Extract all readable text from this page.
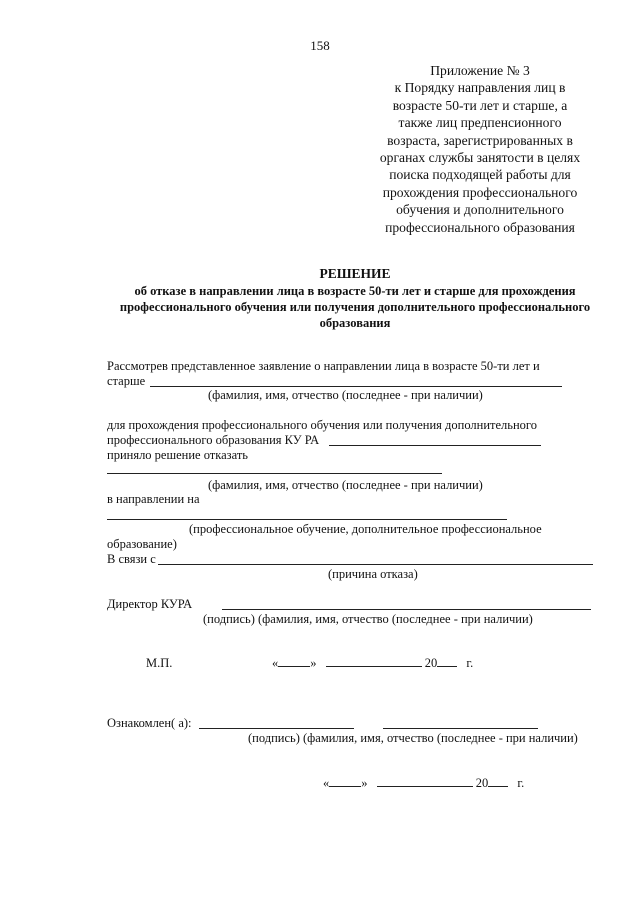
158
Приложение № 3
к Порядку направления лиц в
возрасте 50-ти лет и старше, а
также лиц предпенсионного
возраста, зарегистрированных в
органах службы занятости в целях
поиска подходящей работы для
прохождения профессионального
обучения и дополнительного
профессионального образования
РЕШЕНИЕ
об отказе в направлении лица в возрасте 50-ти лет и старше для прохождения
профессионального обучения или получения дополнительного профессионального
образования
Рассмотрев представленное заявление о направлении лица в возрасте 50-ти лет и
старше
(фамилия, имя, отчество (последнее - при наличии)
для прохождения профессионального обучения или получения дополнительного
профессионального образования КУ РА
приняло решение отказать
(фамилия, имя, отчество (последнее - при наличии)
в направлении на
(профессиональное обучение, дополнительное профессиональное
образование)
В связи с
(причина отказа)
Директор КУРА
(подпись) (фамилия, имя, отчество (последнее - при наличии)
М.П.	«	»	20 г.
Ознакомлен( а):
(подпись) (фамилия, имя, отчество (последнее - при наличии)
«	»	20 г.
